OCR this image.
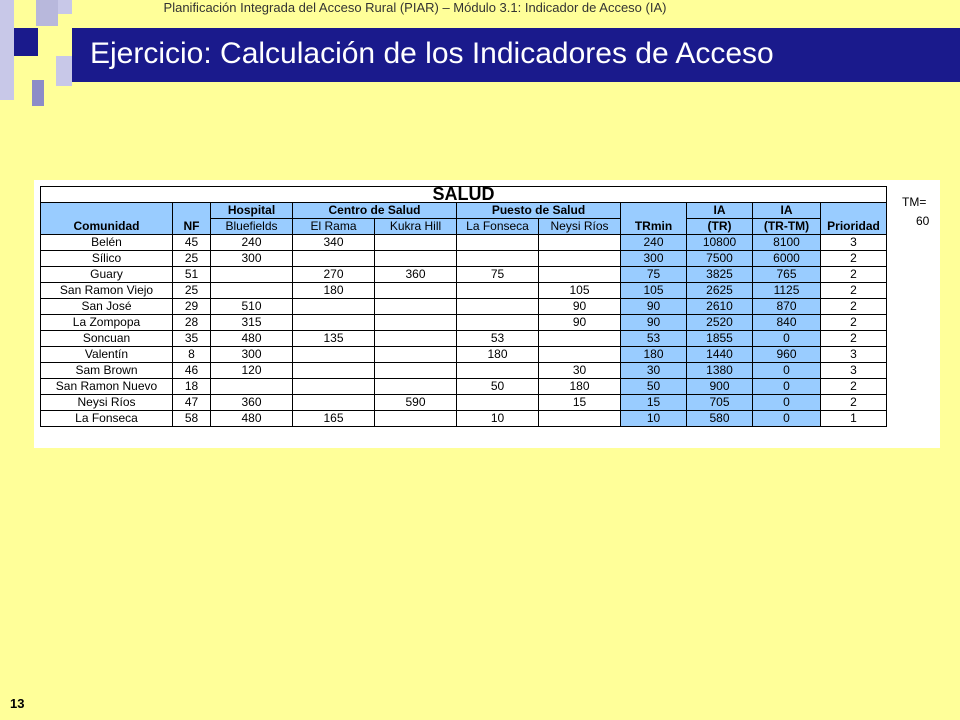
Planificación Integrada del Acceso Rural (PIAR) – Módulo 3.1: Indicador de Acceso (IA)
Ejercicio: Calculación de los Indicadores de Acceso
SALUD										
Comunidad	NF	Hospital	Centro de Salud		Puesto de Salud		TRmin	IA	IA	Prioridad
		Bluefields	El Rama	Kukra Hill	La Fonseca	Neysi Ríos		(TR)	(TR-TM)	
Belén	45	240	340				240	10800	8100	3
Sílico	25	300					300	7500	6000	2
Guary	51		270	360	75		75	3825	765	2
San Ramon Viejo	25		180			105	105	2625	1125	2
San José	29	510				90	90	2610	870	2
La Zompopa	28	315				90	90	2520	840	2
Soncuan	35	480	135		53		53	1855	0	2
Valentín	8	300			180		180	1440	960	3
Sam Brown	46	120				30	30	1380	0	3
San Ramon Nuevo	18				50	180	50	900	0	2
Neysi Ríos	47	360		590		15	15	705	0	2
La Fonseca	58	480	165		10		10	580	0	1
TM=
60
13
